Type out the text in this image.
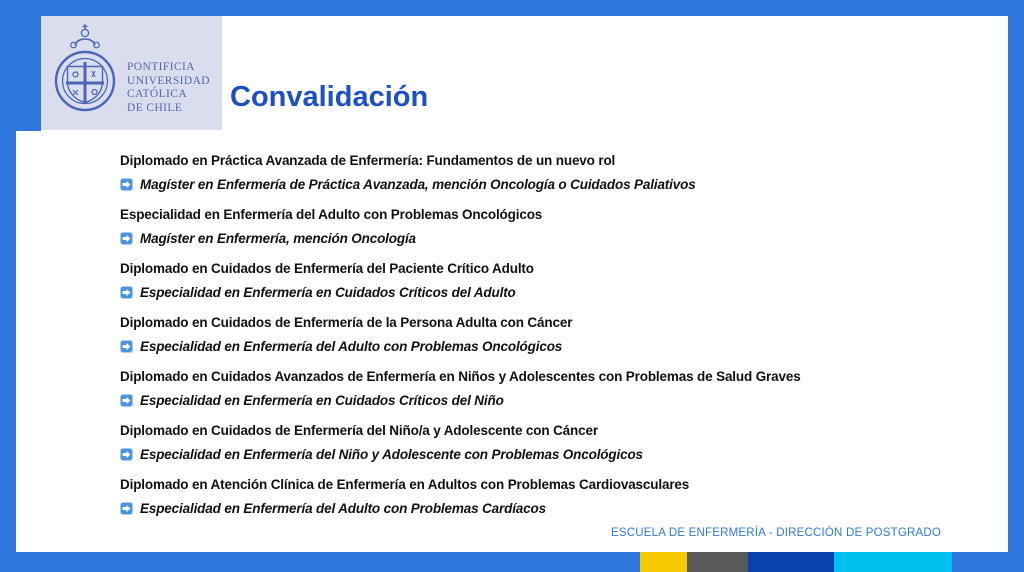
PONTIFICIA
UNIVERSIDAD
CATÓLICA
DE CHILE	Convalidación
Diplomado en Práctica Avanzada de Enfermería: Fundamentos de un nuevo rol
Magíster en Enfermería de Práctica Avanzada, mención Oncología o Cuidados Paliativos
Especialidad en Enfermería del Adulto con Problemas Oncológicos
Magíster en Enfermería, mención Oncología
Diplomado en Cuidados de Enfermería del Paciente Crítico Adulto
Especialidad en Enfermería en Cuidados Críticos del Adulto
Diplomado en Cuidados de Enfermería de la Persona Adulta con Cáncer
Especialidad en Enfermería del Adulto con Problemas Oncológicos
Diplomado en Cuidados Avanzados de Enfermería en Niños y Adolescentes con Problemas de Salud Graves
Especialidad en Enfermería en Cuidados Críticos del Niño
Diplomado en Cuidados de Enfermería del Niño/a y Adolescente con Cáncer
Especialidad en Enfermería del Niño y Adolescente con Problemas Oncológicos
Diplomado en Atención Clínica de Enfermería en Adultos con Problemas Cardiovasculares
Especialidad en Enfermería del Adulto con Problemas Cardíacos
ESCUELA DE ENFERMERÍA - DIRECCIÓN DE POSTGRADO
